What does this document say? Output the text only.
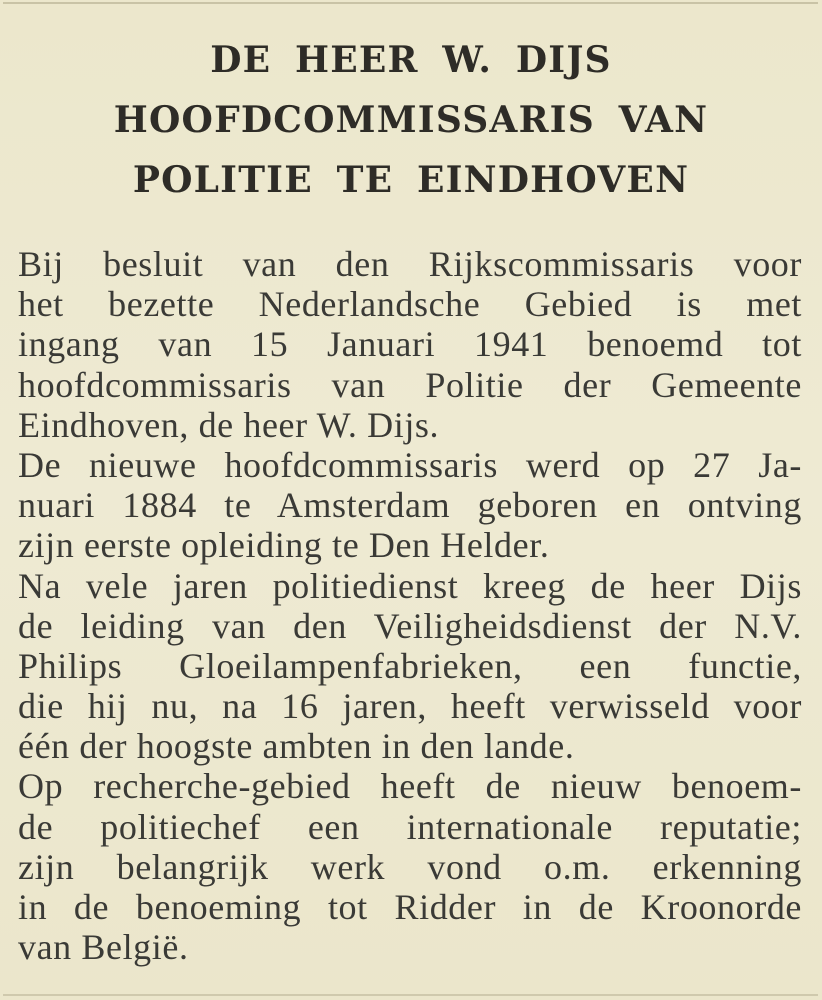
DE HEER W. DIJS
HOOFDCOMMISSARIS VAN
POLITIE TE EINDHOVEN
Bij besluit van den Rijkscommissaris voor
het bezette Nederlandsche Gebied is met
ingang van 15 Januari 1941 benoemd tot
hoofdcommissaris van Politie der Gemeente
Eindhoven, de heer W. Dijs.
De nieuwe hoofdcommissaris werd op 27 Ja-
nuari 1884 te Amsterdam geboren en ontving
zijn eerste opleiding te Den Helder.
Na vele jaren politiedienst kreeg de heer Dijs
de leiding van den Veiligheidsdienst der N.V.
Philips Gloeilampenfabrieken, een functie,
die hij nu, na 16 jaren, heeft verwisseld voor
één der hoogste ambten in den lande.
Op recherche-gebied heeft de nieuw benoem-
de politiechef een internationale reputatie;
zijn belangrijk werk vond o.m. erkenning
in de benoeming tot Ridder in de Kroonorde
van België.
